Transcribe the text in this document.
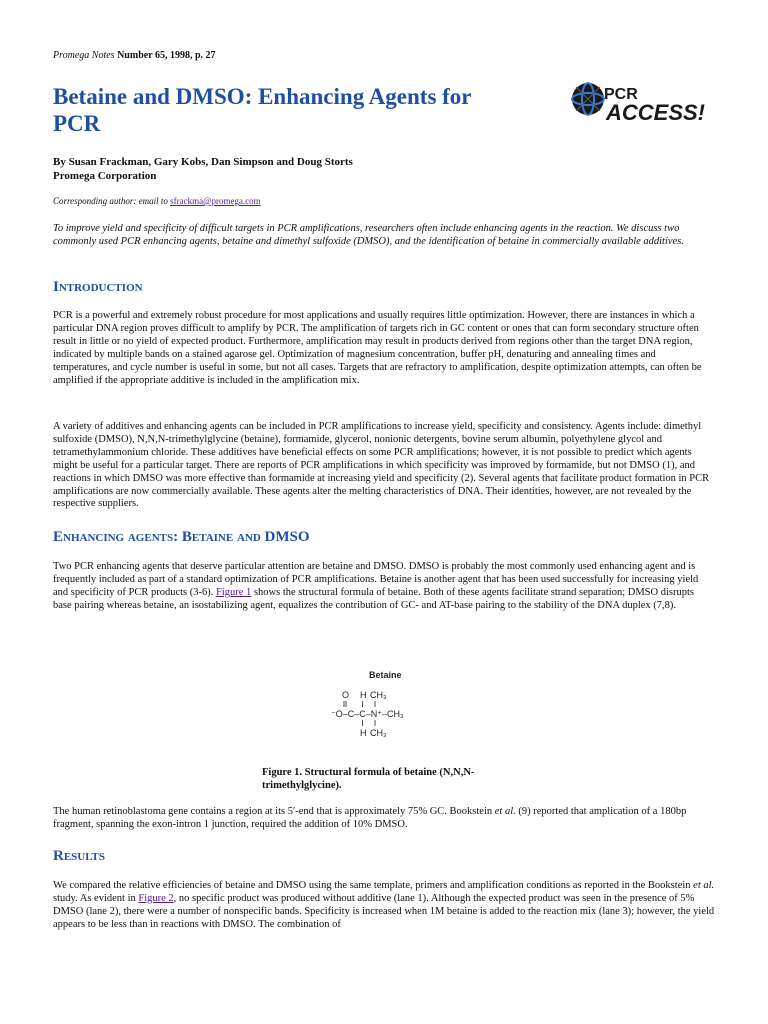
Promega Notes Number 65, 1998, p. 27
Betaine and DMSO: Enhancing Agents for PCR
PCR
ACCESS!
By Susan Frackman, Gary Kobs, Dan Simpson and Doug Storts
Promega Corporation
Corresponding author: email to sfrackma@promega.com
To improve yield and specificity of difficult targets in PCR amplifications, researchers often include enhancing agents in the reaction. We discuss two commonly used PCR enhancing agents, betaine and dimethyl sulfoxide (DMSO), and the identification of betaine in commercially available additives.
Introduction

PCR is a powerful and extremely robust procedure for most applications and usually requires little optimization. However, there are instances in which a particular DNA region proves difficult to amplify by PCR. The amplification of targets rich in GC content or ones that can form secondary structure often result in little or no yield of expected product. Furthermore, amplification may result in products derived from regions other than the target DNA region, indicated by multiple bands on a stained agarose gel. Optimization of magnesium concentration, buffer pH, denaturing and annealing times and temperatures, and cycle number is useful in some, but not all cases. Targets that are refractory to amplification, despite optimization attempts, can often be amplified if the appropriate additive is included in the amplification mix.

A variety of additives and enhancing agents can be included in PCR amplifications to increase yield, specificity and consistency. Agents include: dimethyl sulfoxide (DMSO), N,N,N-trimethylglycine (betaine), formamide, glycerol, nonionic detergents, bovine serum albumin, polyethylene glycol and tetramethylammonium chloride. These additives have beneficial effects on some PCR amplifications; however, it is not possible to predict which agents might be useful for a particular target. There are reports of PCR amplifications in which specificity was improved by formamide, but not DMSO (1), and reactions in which DMSO was more effective than formamide at increasing yield and specificity (2). Several agents that facilitate product formation in PCR amplifications are now commercially available. These agents alter the melting characteristics of DNA. Their identities, however, are not revealed by the respective suppliers.

Enhancing agents: Betaine and DMSO

Two PCR enhancing agents that deserve particular attention are betaine and DMSO. DMSO is probably the most commonly used enhancing agent and is frequently included as part of a standard optimization of PCR amplifications. Betaine is another agent that has been used successfully for increasing yield and specificity of PCR products (3-6). Figure 1 shows the structural formula of betaine. Both of these agents facilitate strand separation; DMSO disrupts base pairing whereas betaine, an isostabilizing agent, equalizes the contribution of GC- and AT-base pairing to the stability of the DNA duplex (7,8).

Betaine
O H CH₃
⁻O–C–C–N⁺–CH₃
H CH₃
Figure 1. Structural formula of betaine (N,N,N-trimethylglycine).

The human retinoblastoma gene contains a region at its 5′-end that is approximately 75% GC. Bookstein et al. (9) reported that amplication of a 180bp fragment, spanning the exon-intron 1 junction, required the addition of 10% DMSO.

Results

We compared the relative efficiencies of betaine and DMSO using the same template, primers and amplification conditions as reported in the Bookstein et al. study. As evident in Figure 2, no specific product was produced without additive (lane 1). Although the expected product was seen in the presence of 5% DMSO (lane 2), there were a number of nonspecific bands. Specificity is increased when 1M betaine is added to the reaction mix (lane 3); however, the yield appears to be less than in reactions with DMSO. The combination of
